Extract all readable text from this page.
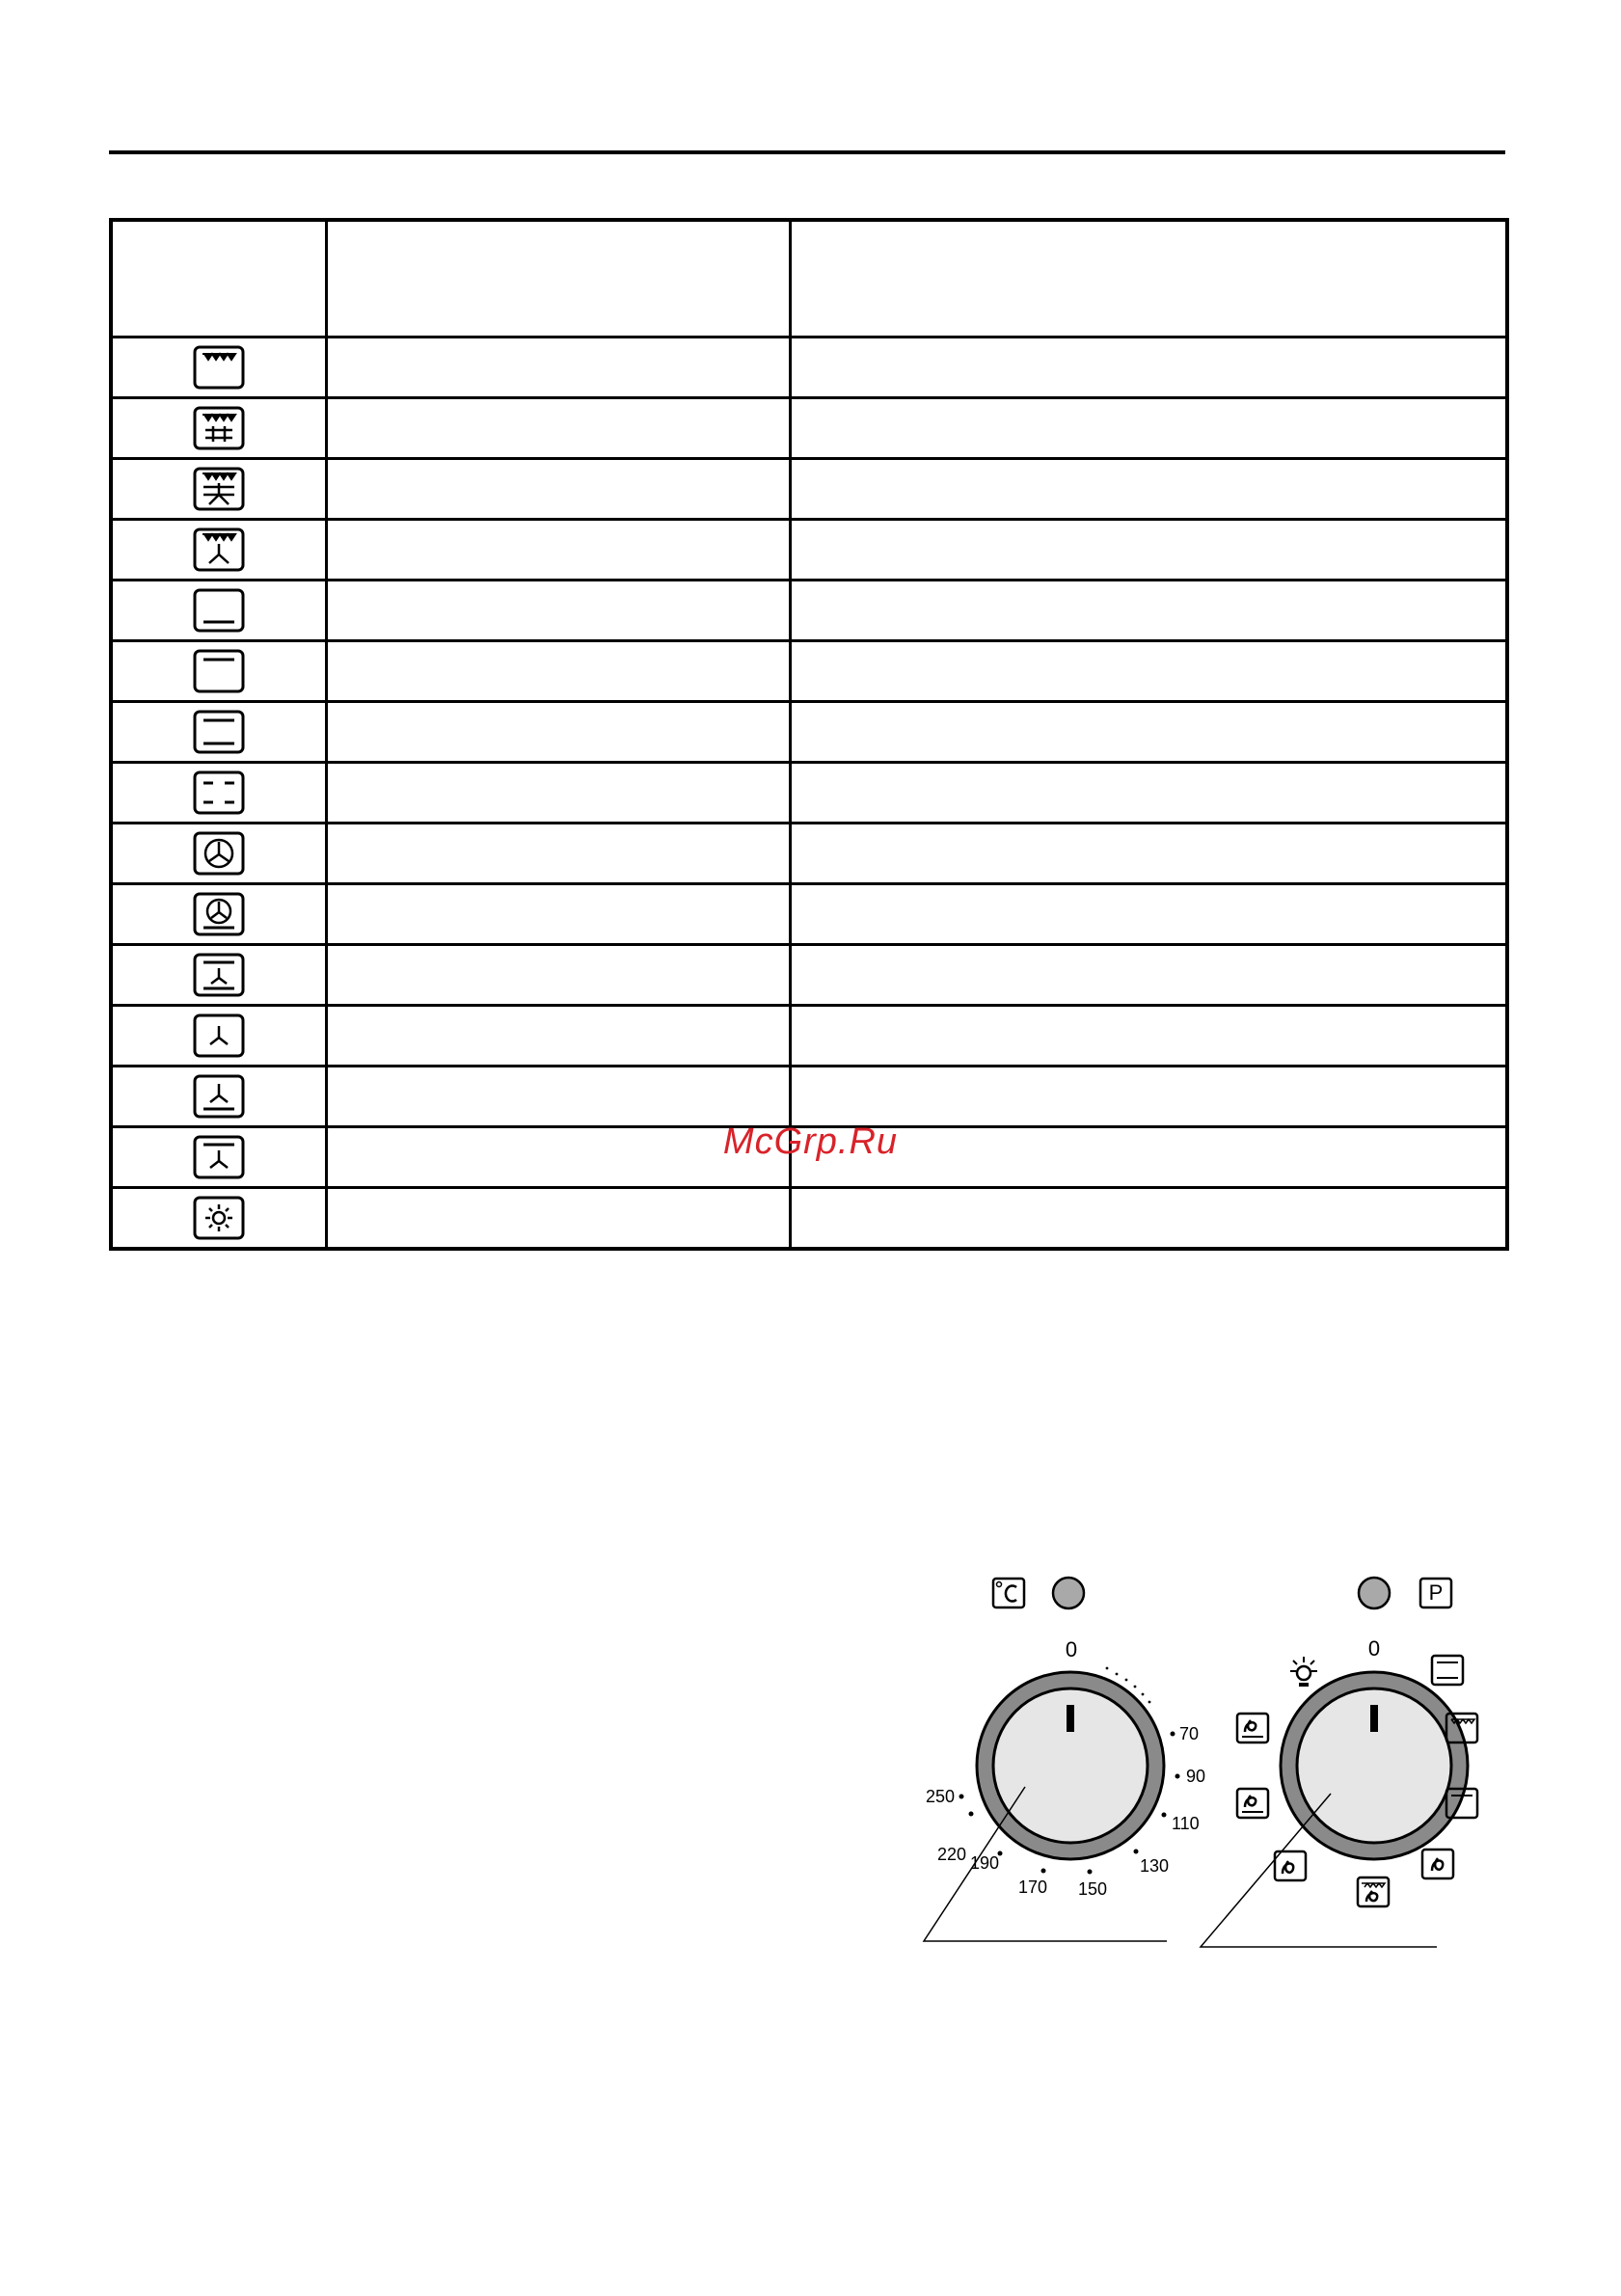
McGrp.Ru
P
0
70
90
110
130
150
170
190
220
250
0
